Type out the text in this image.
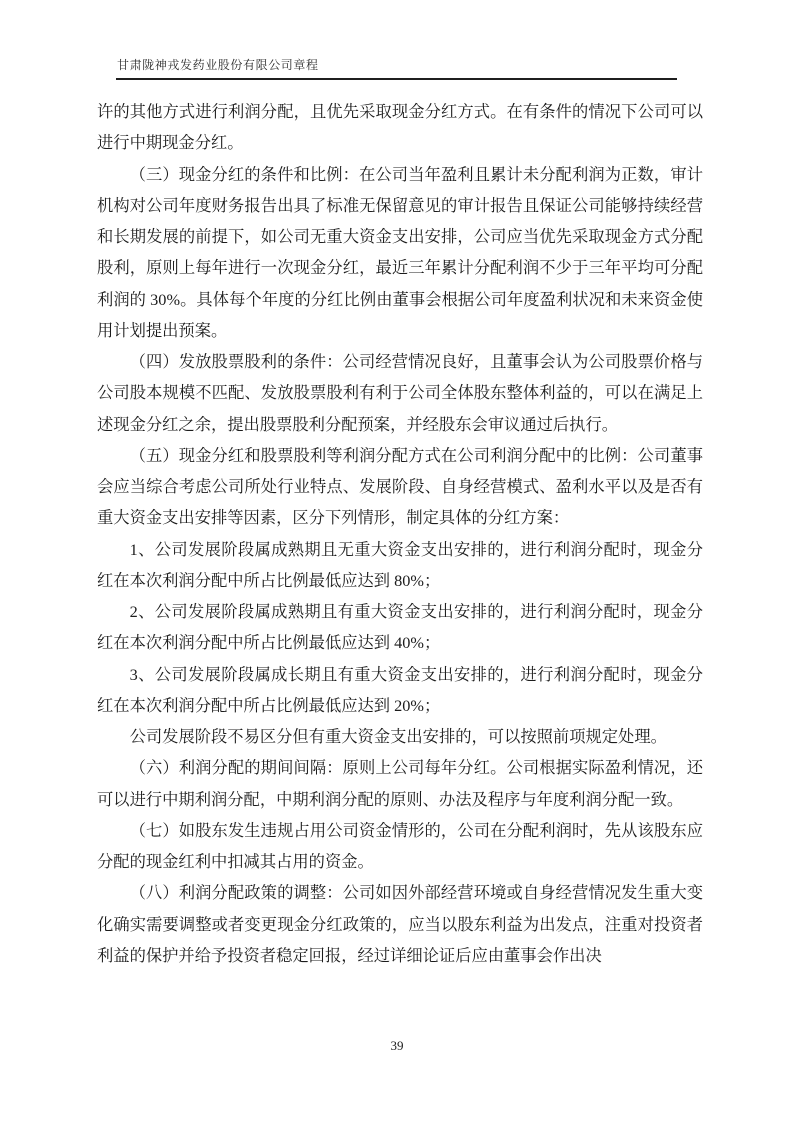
甘肃陇神戎发药业股份有限公司章程

许的其他方式进行利润分配，且优先采取现金分红方式。在有条件的情况下公司可以进行中期现金分红。

（三）现金分红的条件和比例：在公司当年盈利且累计未分配利润为正数，审计机构对公司年度财务报告出具了标准无保留意见的审计报告且保证公司能够持续经营和长期发展的前提下，如公司无重大资金支出安排，公司应当优先采取现金方式分配股利，原则上每年进行一次现金分红，最近三年累计分配利润不少于三年平均可分配利润的 30%。具体每个年度的分红比例由董事会根据公司年度盈利状况和未来资金使用计划提出预案。

（四）发放股票股利的条件：公司经营情况良好，且董事会认为公司股票价格与公司股本规模不匹配、发放股票股利有利于公司全体股东整体利益的，可以在满足上述现金分红之余，提出股票股利分配预案，并经股东会审议通过后执行。

（五）现金分红和股票股利等利润分配方式在公司利润分配中的比例：公司董事会应当综合考虑公司所处行业特点、发展阶段、自身经营模式、盈利水平以及是否有重大资金支出安排等因素，区分下列情形，制定具体的分红方案：

1、公司发展阶段属成熟期且无重大资金支出安排的，进行利润分配时，现金分红在本次利润分配中所占比例最低应达到 80%；

2、公司发展阶段属成熟期且有重大资金支出安排的，进行利润分配时，现金分红在本次利润分配中所占比例最低应达到 40%；

3、公司发展阶段属成长期且有重大资金支出安排的，进行利润分配时，现金分红在本次利润分配中所占比例最低应达到 20%；

公司发展阶段不易区分但有重大资金支出安排的，可以按照前项规定处理。

（六）利润分配的期间间隔：原则上公司每年分红。公司根据实际盈利情况，还可以进行中期利润分配，中期利润分配的原则、办法及程序与年度利润分配一致。

（七）如股东发生违规占用公司资金情形的，公司在分配利润时，先从该股东应分配的现金红利中扣减其占用的资金。

（八）利润分配政策的调整：公司如因外部经营环境或自身经营情况发生重大变化确实需要调整或者变更现金分红政策的，应当以股东利益为出发点，注重对投资者利益的保护并给予投资者稳定回报，经过详细论证后应由董事会作出决

39
